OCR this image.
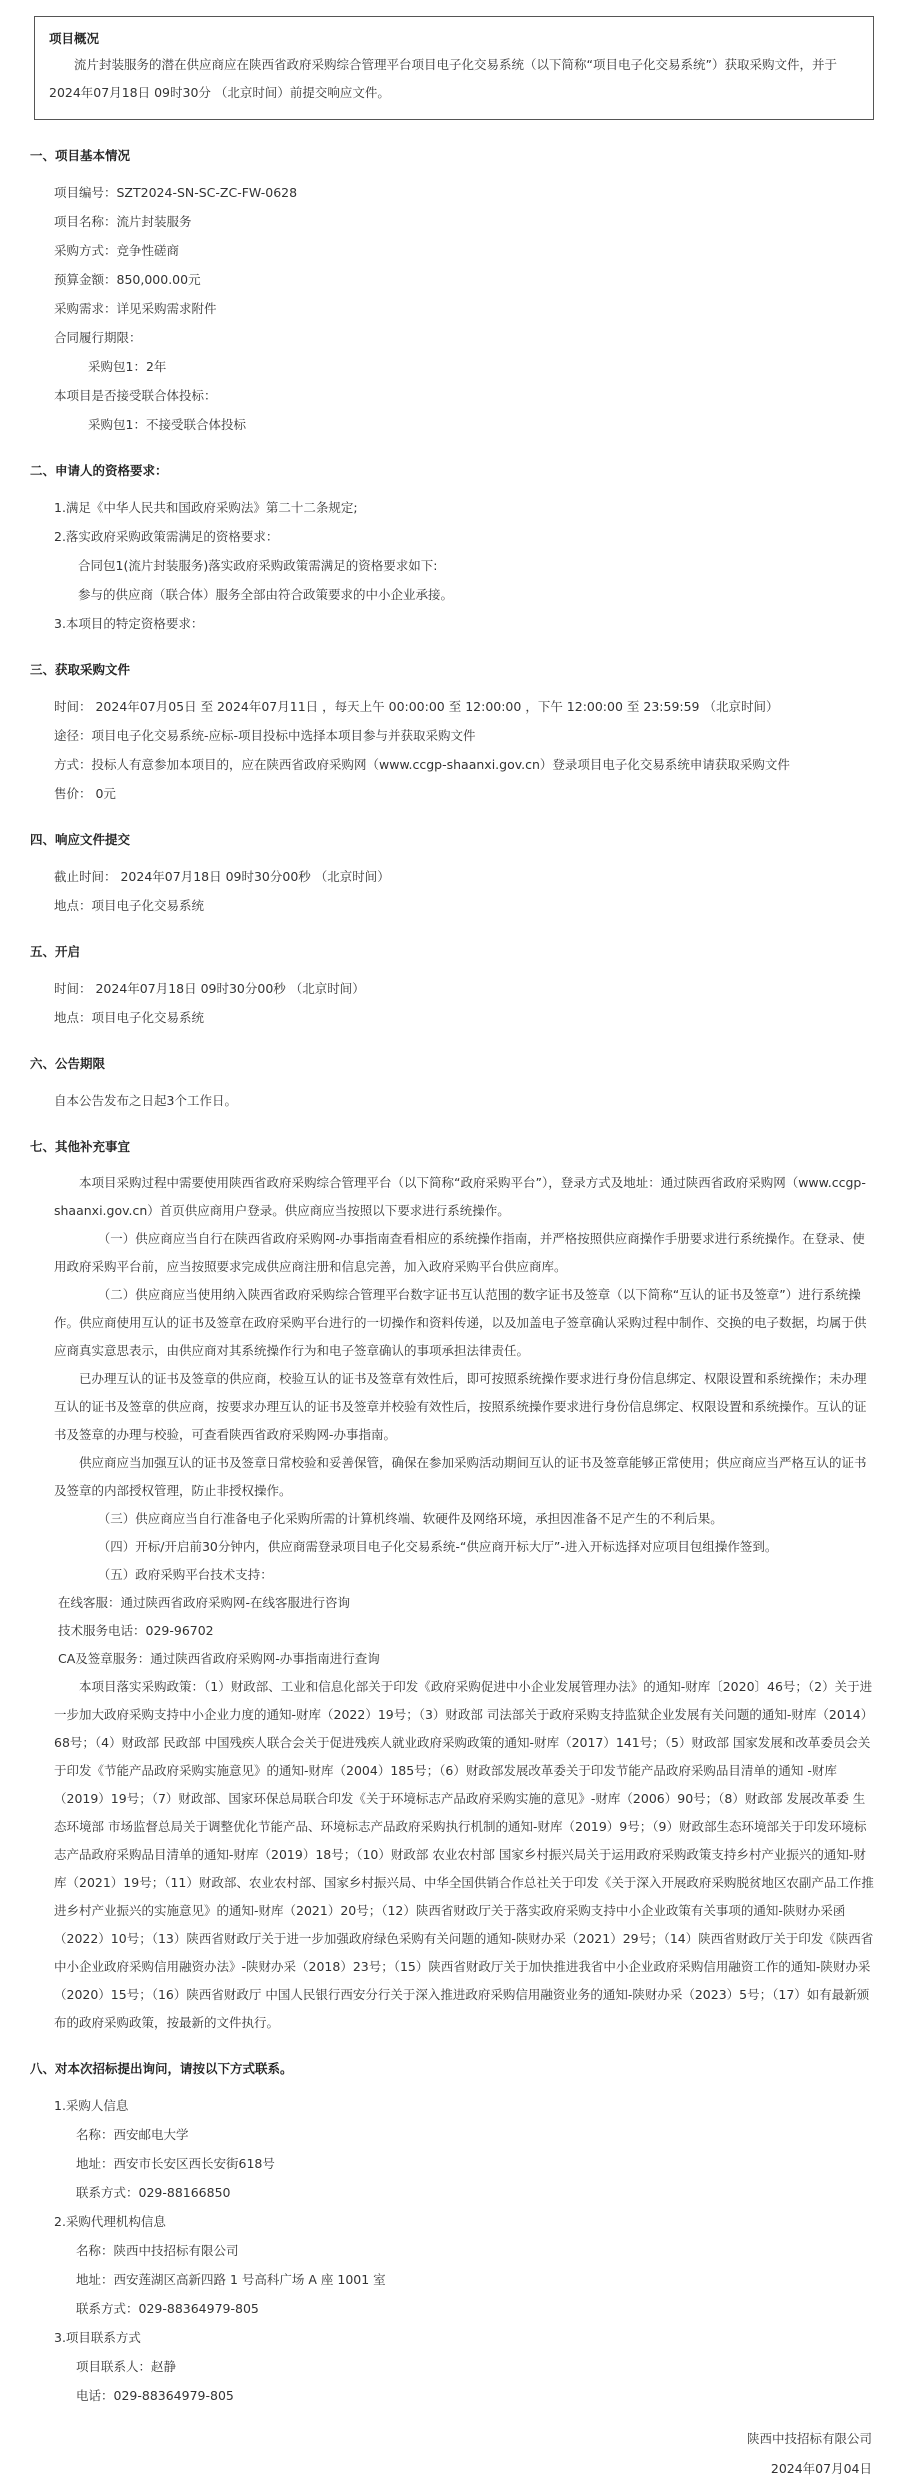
项目概况
流片封装服务的潜在供应商应在陕西省政府采购综合管理平台项目电子化交易系统（以下简称“项目电子化交易系统”）获取采购文件，并于 2024年07月18日 09时30分 （北京时间）前提交响应文件。
一、项目基本情况
项目编号：SZT2024-SN-SC-ZC-FW-0628
项目名称：流片封装服务
采购方式：竞争性磋商
预算金额：850,000.00元
采购需求：详见采购需求附件
合同履行期限：
采购包1：2年
本项目是否接受联合体投标：
采购包1：不接受联合体投标
二、申请人的资格要求：
1.满足《中华人民共和国政府采购法》第二十二条规定;
2.落实政府采购政策需满足的资格要求：
合同包1(流片封装服务)落实政府采购政策需满足的资格要求如下:
参与的供应商（联合体）服务全部由符合政策要求的中小企业承接。
3.本项目的特定资格要求：
三、获取采购文件
时间： 2024年07月05日 至 2024年07月11日 ，每天上午 00:00:00 至 12:00:00 ，下午 12:00:00 至 23:59:59 （北京时间）
途径：项目电子化交易系统-应标-项目投标中选择本项目参与并获取采购文件
方式：投标人有意参加本项目的，应在陕西省政府采购网（www.ccgp-shaanxi.gov.cn）登录项目电子化交易系统申请获取采购文件
售价： 0元
四、响应文件提交
截止时间： 2024年07月18日 09时30分00秒 （北京时间）
地点：项目电子化交易系统
五、开启
时间： 2024年07月18日 09时30分00秒 （北京时间）
地点：项目电子化交易系统
六、公告期限
自本公告发布之日起3个工作日。
七、其他补充事宜
本项目采购过程中需要使用陕西省政府采购综合管理平台（以下简称“政府采购平台”），登录方式及地址：通过陕西省政府采购网（www.ccgp-shaanxi.gov.cn）首页供应商用户登录。供应商应当按照以下要求进行系统操作。
（一）供应商应当自行在陕西省政府采购网-办事指南查看相应的系统操作指南，并严格按照供应商操作手册要求进行系统操作。在登录、使用政府采购平台前，应当按照要求完成供应商注册和信息完善，加入政府采购平台供应商库。
（二）供应商应当使用纳入陕西省政府采购综合管理平台数字证书互认范围的数字证书及签章（以下简称“互认的证书及签章”）进行系统操作。供应商使用互认的证书及签章在政府采购平台进行的一切操作和资料传递，以及加盖电子签章确认采购过程中制作、交换的电子数据，均属于供应商真实意思表示，由供应商对其系统操作行为和电子签章确认的事项承担法律责任。
已办理互认的证书及签章的供应商，校验互认的证书及签章有效性后，即可按照系统操作要求进行身份信息绑定、权限设置和系统操作；未办理互认的证书及签章的供应商，按要求办理互认的证书及签章并校验有效性后，按照系统操作要求进行身份信息绑定、权限设置和系统操作。互认的证书及签章的办理与校验，可查看陕西省政府采购网-办事指南。
供应商应当加强互认的证书及签章日常校验和妥善保管，确保在参加采购活动期间互认的证书及签章能够正常使用；供应商应当严格互认的证书及签章的内部授权管理，防止非授权操作。
（三）供应商应当自行准备电子化采购所需的计算机终端、软硬件及网络环境，承担因准备不足产生的不利后果。
（四）开标/开启前30分钟内，供应商需登录项目电子化交易系统-“供应商开标大厅”-进入开标选择对应项目包组操作签到。
（五）政府采购平台技术支持：
在线客服：通过陕西省政府采购网-在线客服进行咨询
技术服务电话：029-96702
CA及签章服务：通过陕西省政府采购网-办事指南进行查询
本项目落实采购政策：（1）财政部、工业和信息化部关于印发《政府采购促进中小企业发展管理办法》的通知-财库〔2020〕46号；（2）关于进一步加大政府采购支持中小企业力度的通知-财库（2022）19号；（3）财政部 司法部关于政府采购支持监狱企业发展有关问题的通知-财库（2014）68号；（4）财政部 民政部 中国残疾人联合会关于促进残疾人就业政府采购政策的通知-财库（2017）141号；（5）财政部 国家发展和改革委员会关于印发《节能产品政府采购实施意见》的通知-财库（2004）185号；（6）财政部发展改革委关于印发节能产品政府采购品目清单的通知 -财库（2019）19号；（7）财政部、国家环保总局联合印发《关于环境标志产品政府采购实施的意见》-财库（2006）90号；（8）财政部 发展改革委 生态环境部 市场监督总局关于调整优化节能产品、环境标志产品政府采购执行机制的通知-财库（2019）9号；（9）财政部生态环境部关于印发环境标志产品政府采购品目清单的通知-财库（2019）18号；（10）财政部 农业农村部 国家乡村振兴局关于运用政府采购政策支持乡村产业振兴的通知-财库（2021）19号；（11）财政部、农业农村部、国家乡村振兴局、中华全国供销合作总社关于印发《关于深入开展政府采购脱贫地区农副产品工作推进乡村产业振兴的实施意见》的通知-财库（2021）20号；（12）陕西省财政厅关于落实政府采购支持中小企业政策有关事项的通知-陕财办采函（2022）10号；（13）陕西省财政厅关于进一步加强政府绿色采购有关问题的通知-陕财办采（2021）29号；（14）陕西省财政厅关于印发《陕西省中小企业政府采购信用融资办法》-陕财办采（2018）23号；（15）陕西省财政厅关于加快推进我省中小企业政府采购信用融资工作的通知-陕财办采（2020）15号；（16）陕西省财政厅 中国人民银行西安分行关于深入推进政府采购信用融资业务的通知-陕财办采（2023）5号；（17）如有最新颁布的政府采购政策，按最新的文件执行。
八、对本次招标提出询问，请按以下方式联系。
1.采购人信息
名称：西安邮电大学
地址：西安市长安区西长安街618号
联系方式：029-88166850
2.采购代理机构信息
名称：陕西中技招标有限公司
地址：西安莲湖区高新四路 1 号高科广场 A 座 1001 室
联系方式：029-88364979-805
3.项目联系方式
项目联系人：赵静
电话：029-88364979-805
陕西中技招标有限公司
2024年07月04日
